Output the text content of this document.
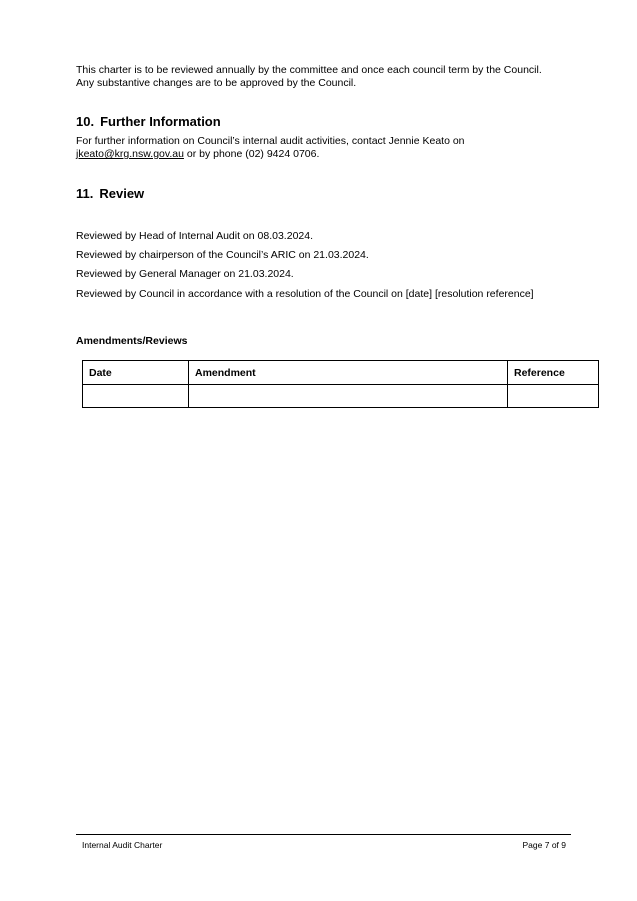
This charter is to be reviewed annually by the committee and once each council term by the Council.
Any substantive changes are to be approved by the Council.

10. Further Information

For further information on Council’s internal audit activities, contact Jennie Keato on
jkeato@krg.nsw.gov.au or by phone (02) 9424 0706.

11. Review

Reviewed by Head of Internal Audit on 08.03.2024.

Reviewed by chairperson of the Council’s ARIC on 21.03.2024.

Reviewed by General Manager on 21.03.2024.

Reviewed by Council in accordance with a resolution of the Council on [date] [resolution reference]

Amendments/Reviews

Date	Amendment	Reference

Internal Audit Charter	Page 7 of 9
